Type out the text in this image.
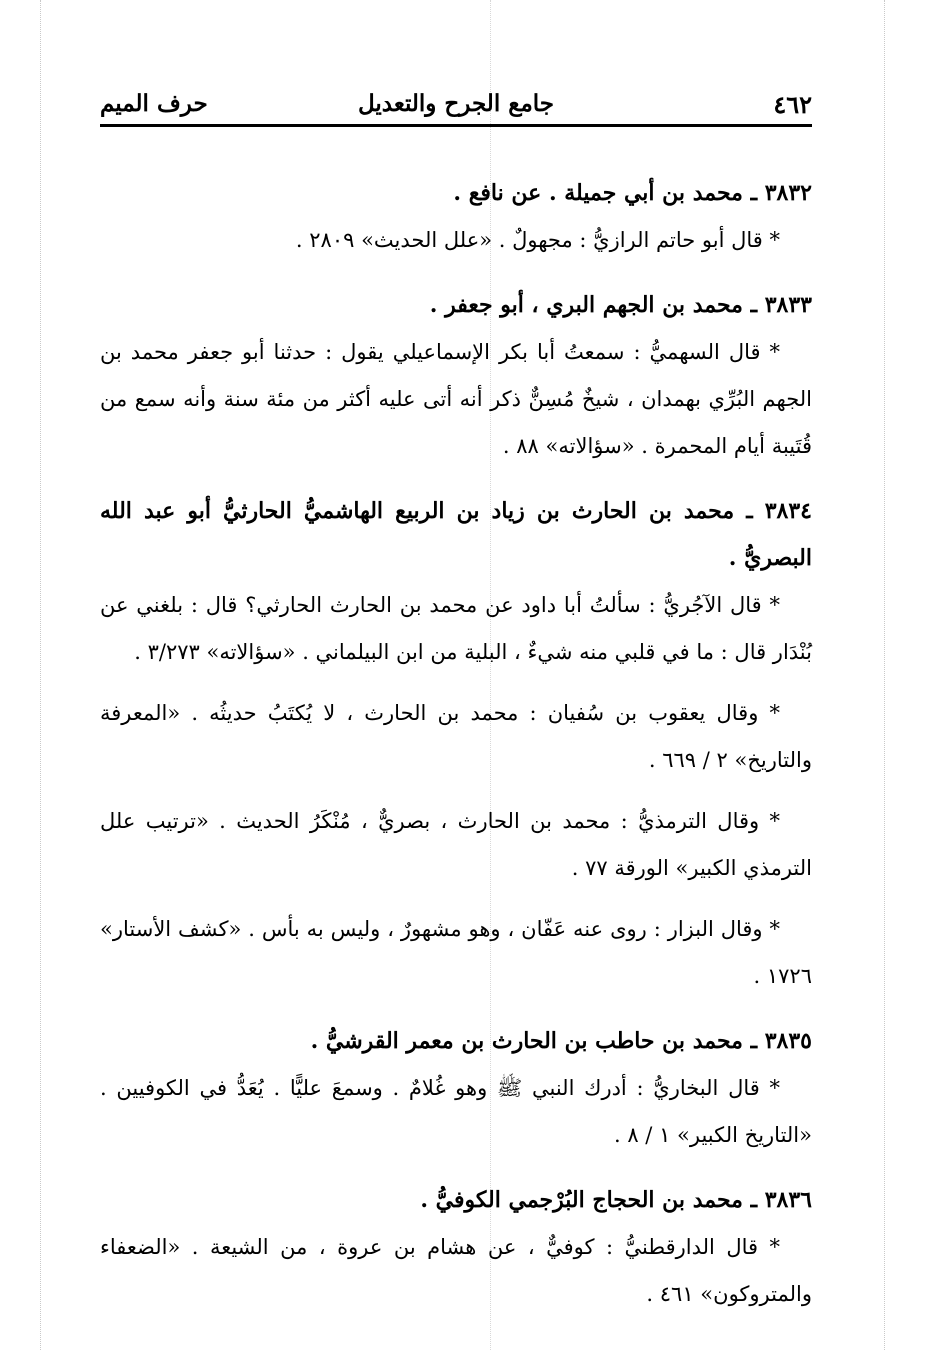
٤٦٢
جامع الجرح والتعديل
حرف الميم

٣٨٣٢ ـ محمد بن أبي جميلة . عن نافع .

* قال أبو حاتم الرازيُّ : مجهولٌ . «علل الحديث» ٢٨٠٩ .

٣٨٣٣ ـ محمد بن الجهم البري ، أبو جعفر .

* قال السهميُّ : سمعتُ أبا بكر الإسماعيلي يقول : حدثنا أبو جعفر محمد بن الجهم البُرِّي بهمدان ، شيخٌ مُسِنٌّ ذكر أنه أتى عليه أكثر من مئة سنة وأنه سمع من قُتَيبة أيام المحمرة . «سؤالاته» ٨٨ .

٣٨٣٤ ـ محمد بن الحارث بن زياد بن الربيع الهاشميُّ الحارثيُّ أبو عبد الله البصريُّ .

* قال الآجُريُّ : سألتُ أبا داود عن محمد بن الحارث الحارثي؟ قال : بلغني عن بُنْدَار قال : ما في قلبي منه شيءٌ ، البلية من ابن البيلماني . «سؤالاته» ٣/٢٧٣ .

* وقال يعقوب بن سُفيان : محمد بن الحارث ، لا يُكتَبُ حديثُه . «المعرفة والتاريخ» ٢ / ٦٦٩ .

* وقال الترمذيُّ : محمد بن الحارث ، بصريٌّ ، مُنْكَرُ الحديث . «ترتيب علل الترمذي الكبير» الورقة ٧٧ .

* وقال البزار : روى عنه عَفّان ، وهو مشهورٌ ، وليس به بأس . «كشف الأستار» ١٧٢٦ .

٣٨٣٥ ـ محمد بن حاطب بن الحارث بن معمر القرشيُّ .

* قال البخاريُّ : أدرك النبي ﷺ وهو غُلامٌ . وسمعَ عليًّا . يُعَدُّ في الكوفيين . «التاريخ الكبير» ١ / ٨ .

٣٨٣٦ ـ محمد بن الحجاج البُرْجمي الكوفيُّ .

* قال الدارقطنيُّ : كوفيٌّ ، عن هشام بن عروة ، من الشيعة . «الضعفاء والمتروكون» ٤٦١ .
